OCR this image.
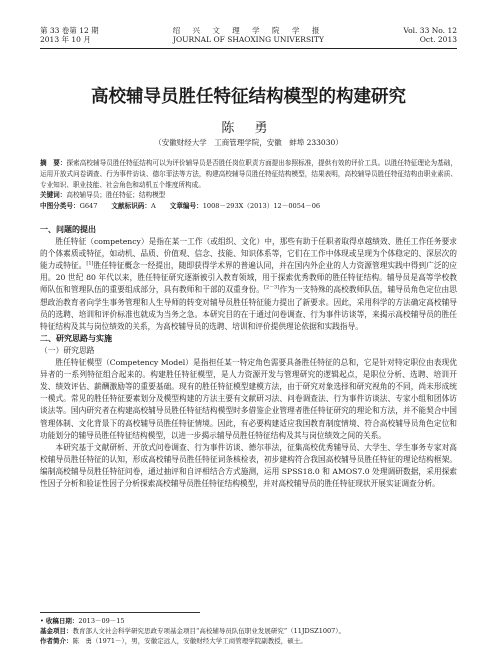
第 33 卷第 12 期
2013 年 10 月
绍 兴 文 理 学 院 学 报
JOURNAL OF SHAOXING UNIVERSITY
Vol. 33 No. 12
Oct. 2013
高校辅导员胜任特征结构模型的构建研究
陈 勇
（安徽财经大学　工商管理学院，安徽　蚌埠 233030）
摘　要：探索高校辅导员胜任特征结构可以为评价辅导员是否胜任岗位职责方面提出参照标准，提供有效的评价工具。以胜任特征理论为基础，运用开放式问卷调查、行为事件访谈、德尔菲法等方法，构建高校辅导员胜任特征结构模型，结果表明，高校辅导员胜任特征结构由职业素质、专业知识、职业技能、社会角色和动机五个维度所构成。
关键词：高校辅导员；胜任特征；结构模型
中图分类号：G647 文献标识码：A 文章编号：1008－293X（2013）12－0054－06
一、问题的提出

胜任特征（competency）是指在某一工作（或组织、文化）中，那些有助于任职者取得卓越绩效、胜任工作任务要求的个体素质或特征，如动机、品质、价值观、信念、技能、知识体系等，它们在工作中体现或呈现为个体稳定的、深层次的能力或特征。[1]胜任特征概念一经提出，随即获得学术界的普遍认同，并在国内外企业的人力资源管理实践中得到广泛的应用。20 世纪 80 年代以来，胜任特征研究逐渐被引入教育领域，用于探索优秀教师的胜任特征结构。辅导员是高等学校教师队伍和管理队伍的重要组成部分，具有教师和干部的双重身份。[2－3]作为一支特殊的高校教师队伍，辅导员角色定位由思想政治教育者向学生事务管理和人生导师的转变对辅导员胜任特征能力提出了新要求。因此，采用科学的方法确定高校辅导员的选聘、培训和评价标准也就成为当务之急。本研究目的在于通过问卷调查、行为事件访谈等，来揭示高校辅导员的胜任特征结构及其与岗位绩效的关系，为高校辅导员的选聘、培训和评价提供理论依据和实践指导。

二、研究思路与实施
（一）研究思路

胜任特征模型（Competency Model）是指担任某一特定角色需要具备胜任特征的总和，它是针对特定职位由表现优异者的一系列特征组合起来的。构建胜任特征模型，是人力资源开发与管理研究的逻辑起点，是职位分析、选聘、培训开发、绩效评估、薪酬激励等的重要基础。现有的胜任特征模型建模方法，由于研究对象选择和研究视角的不同，尚未形成统一模式。常见的胜任特征要素划分及模型构建的方法主要有文献研习法、问卷调查法、行为事件访谈法、专家小组和团体访谈法等。国内研究者在构建高校辅导员胜任特征结构模型时多借鉴企业管理者胜任特征研究的理论和方法，并不能契合中国管理体制、文化背景下的高校辅导员胜任特征情境。因此，有必要构建适应我国教育制度情境、符合高校辅导员角色定位和功能划分的辅导员胜任特征结构模型，以进一步揭示辅导员胜任特征结构及其与岗位绩效之间的关系。

本研究基于文献研析、开放式问卷调查、行为事件访谈、德尔菲法，征集高校优秀辅导员、大学生、学生事务专家对高校辅导员胜任特征的认知，形成高校辅导员胜任特征词条核检表，初步建构符合我国高校辅导员胜任特征的理论结构框架。编制高校辅导员胜任特征问卷，通过抽评和自评相结合方式施测，运用 SPSS18.0 和 AMOS7.0 处理调研数据，采用探索性因子分析和验证性因子分析探索高校辅导员胜任特征结构模型，并对高校辅导员的胜任特征现状开展实证调查分析。

• 收稿日期：2013－09－15
基金项目：教育部人文社会科学研究思政专项基金项目“高校辅导员队伍职业发展研究”（11JDSZ1007）。
作者简介：陈　勇（1971－），男，安徽定远人，安徽财经大学工商管理学院副教授，硕士。
